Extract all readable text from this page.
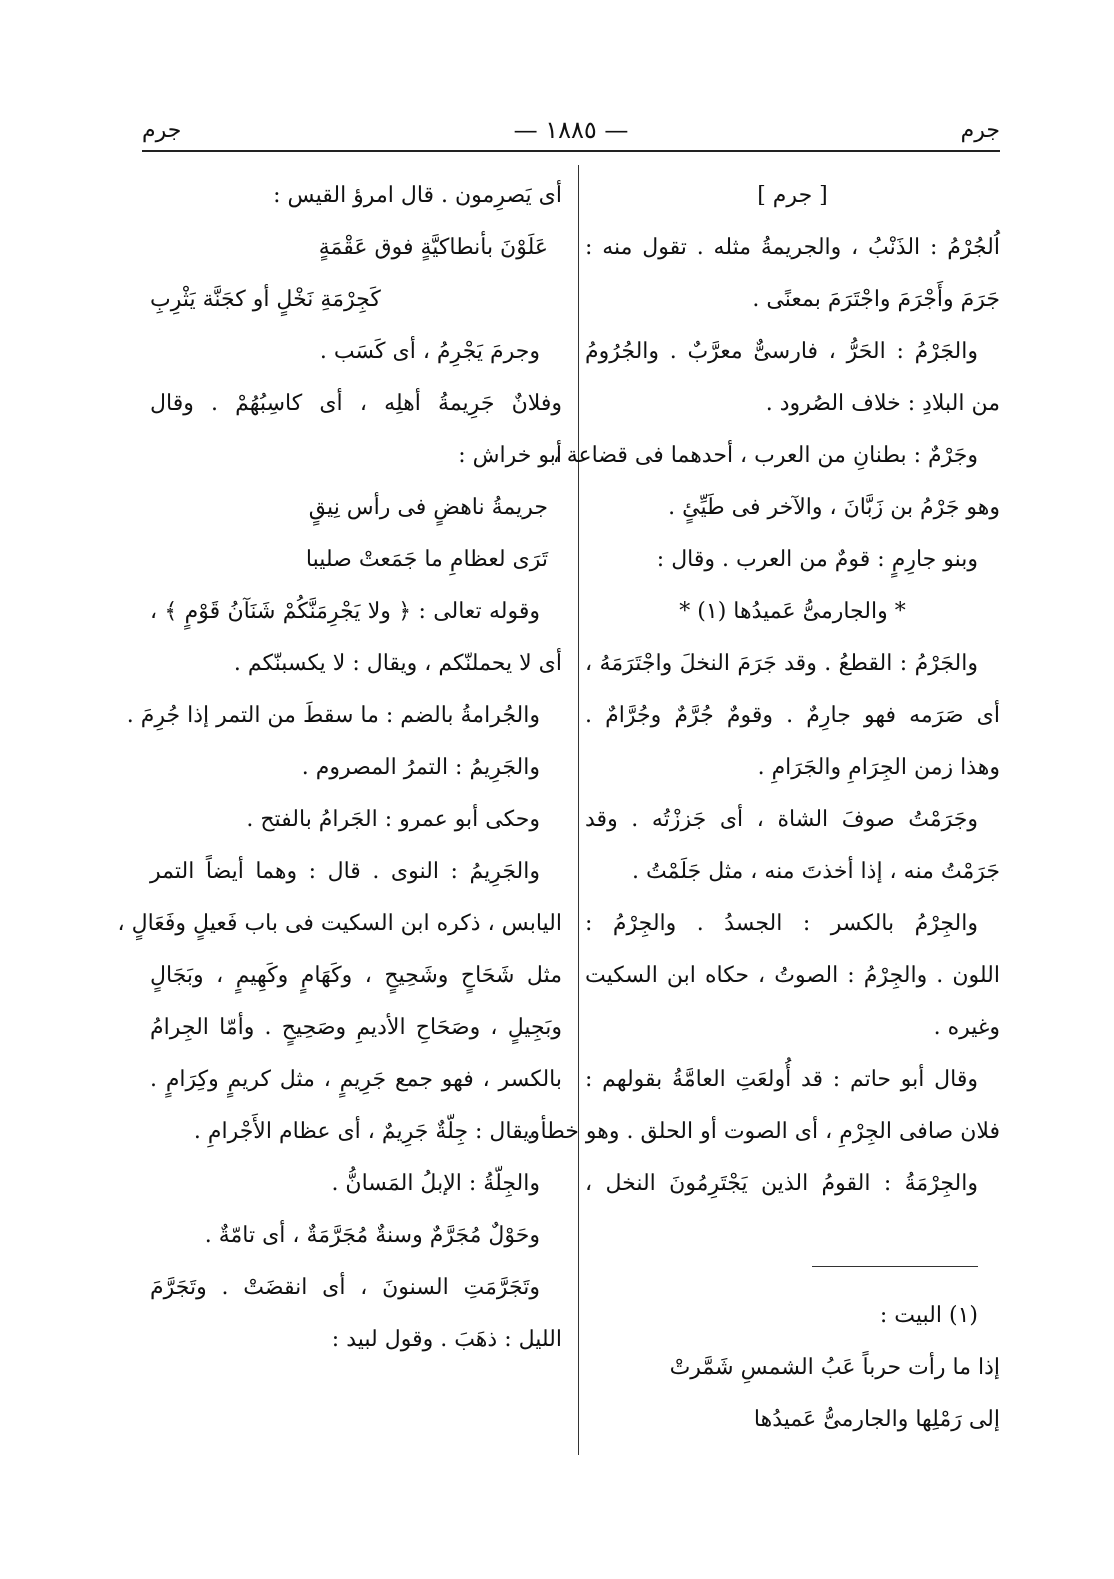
جرم
— ١٨٨٥ —
جرم
[ جرم ]
اُلجُرْمُ : الذَنْبُ ، والجريمةُ مثله . تقول منه :
جَرَمَ وأَجْرَمَ واجْتَرَمَ بمعنًى .
والجَرْمُ : الحَرُّ ، فارسىٌّ معرَّبٌ . والجُرُومُ
من البلادِ : خلاف الصُرود .
وجَرْمٌ : بطنانِ من العرب ، أحدهما فى قضاعة ،
وهو جَرْمُ بن زَبَّانَ ، والآخر فى طَيِّئٍ .
وبنو جارِمٍ : قومٌ من العرب . وقال :
* والجارمىُّ عَميدُها (١) *
والجَرْمُ : القطعُ . وقد جَرَمَ النخلَ واجْتَرَمَهُ ،
أى صَرَمه فهو جارِمٌ . وقومٌ جُرَّمٌ وجُرَّامٌ .
وهذا زمن الجِرَامِ والجَرَامِ .
وجَرَمْتُ صوفَ الشاة ، أى جَززْتُه . وقد
جَرَمْتُ منه ، إذا أخذتَ منه ، مثل جَلَمْتُ .
والجِرْمُ بالكسر : الجسدُ . والجِرْمُ :
اللون . والجِرْمُ : الصوتُ ، حكاه ابن السكيت
وغيره .
وقال أبو حاتم : قد أُولعَتِ العامَّةُ بقولهم :
فلان صافى الجِرْمِ ، أى الصوت أو الحلق . وهو خطأ .
والجِرْمَةُ : القومُ الذين يَجْتَرِمُونَ النخل ،
أى يَصرِمون . قال امرؤ القيس :
عَلَوْنَ بأنطاكيَّةٍ فوق عَقْمَةٍ
كَجِرْمَةِ نَخْلٍ أو كجَنَّة يَثْرِبِ
وجرمَ يَجْرِمُ ، أى كَسَب .
وفلانٌ جَرِيمةُ أهلِه ، أى كاسِبُهُمْ . وقال
أبو خراش :
جريمةُ ناهضٍ فى رأس نِيقٍ
تَرَى لعظامِ ما جَمَعتْ صليبا
وقوله تعالى : ﴿ ولا يَجْرِمَنَّكُمْ شَنَآنُ قَوْمٍ ﴾ ،
أى لا يحملنّكم ، ويقال : لا يكسبنّكم .
والجُرامةُ بالضم : ما سقطَ من التمر إذا جُرِمَ .
والجَرِيمُ : التمرُ المصروم .
وحكى أبو عمرو : الجَرامُ بالفتح .
والجَرِيمُ : النوى . قال : وهما أيضاً التمر
اليابس ، ذكره ابن السكيت فى باب فَعيلٍ وفَعَالٍ ،
مثل شَحَاحٍ وشَحِيحٍ ، وكَهَامٍ وكَهِيمٍ ، وبَجَالٍ
وبَجِيلٍ ، وصَحَاحِ الأديمِ وصَحِيحٍ . وأمّا الجِرامُ
بالكسر ، فهو جمع جَرِيمٍ ، مثل كريمٍ وكِرَامٍ .
ويقال : جِلّةٌ جَرِيمٌ ، أى عظام الأَجْرامِ .
والجِلّةُ : الإبلُ المَسانُّ .
وحَوْلٌ مُجَرَّمٌ وسنةٌ مُجَرَّمَةٌ ، أى تامّةٌ .
وتَجَرَّمَتِ السنونَ ، أى انقضَتْ . وتَجَرَّمَ
الليل : ذهَبَ . وقول لبيد :
(١) البيت :
إذا ما رأت حرباً عَبُ الشمسِ شَمَّرتْ
إلى رَمْلِها والجارمىُّ عَميدُها
